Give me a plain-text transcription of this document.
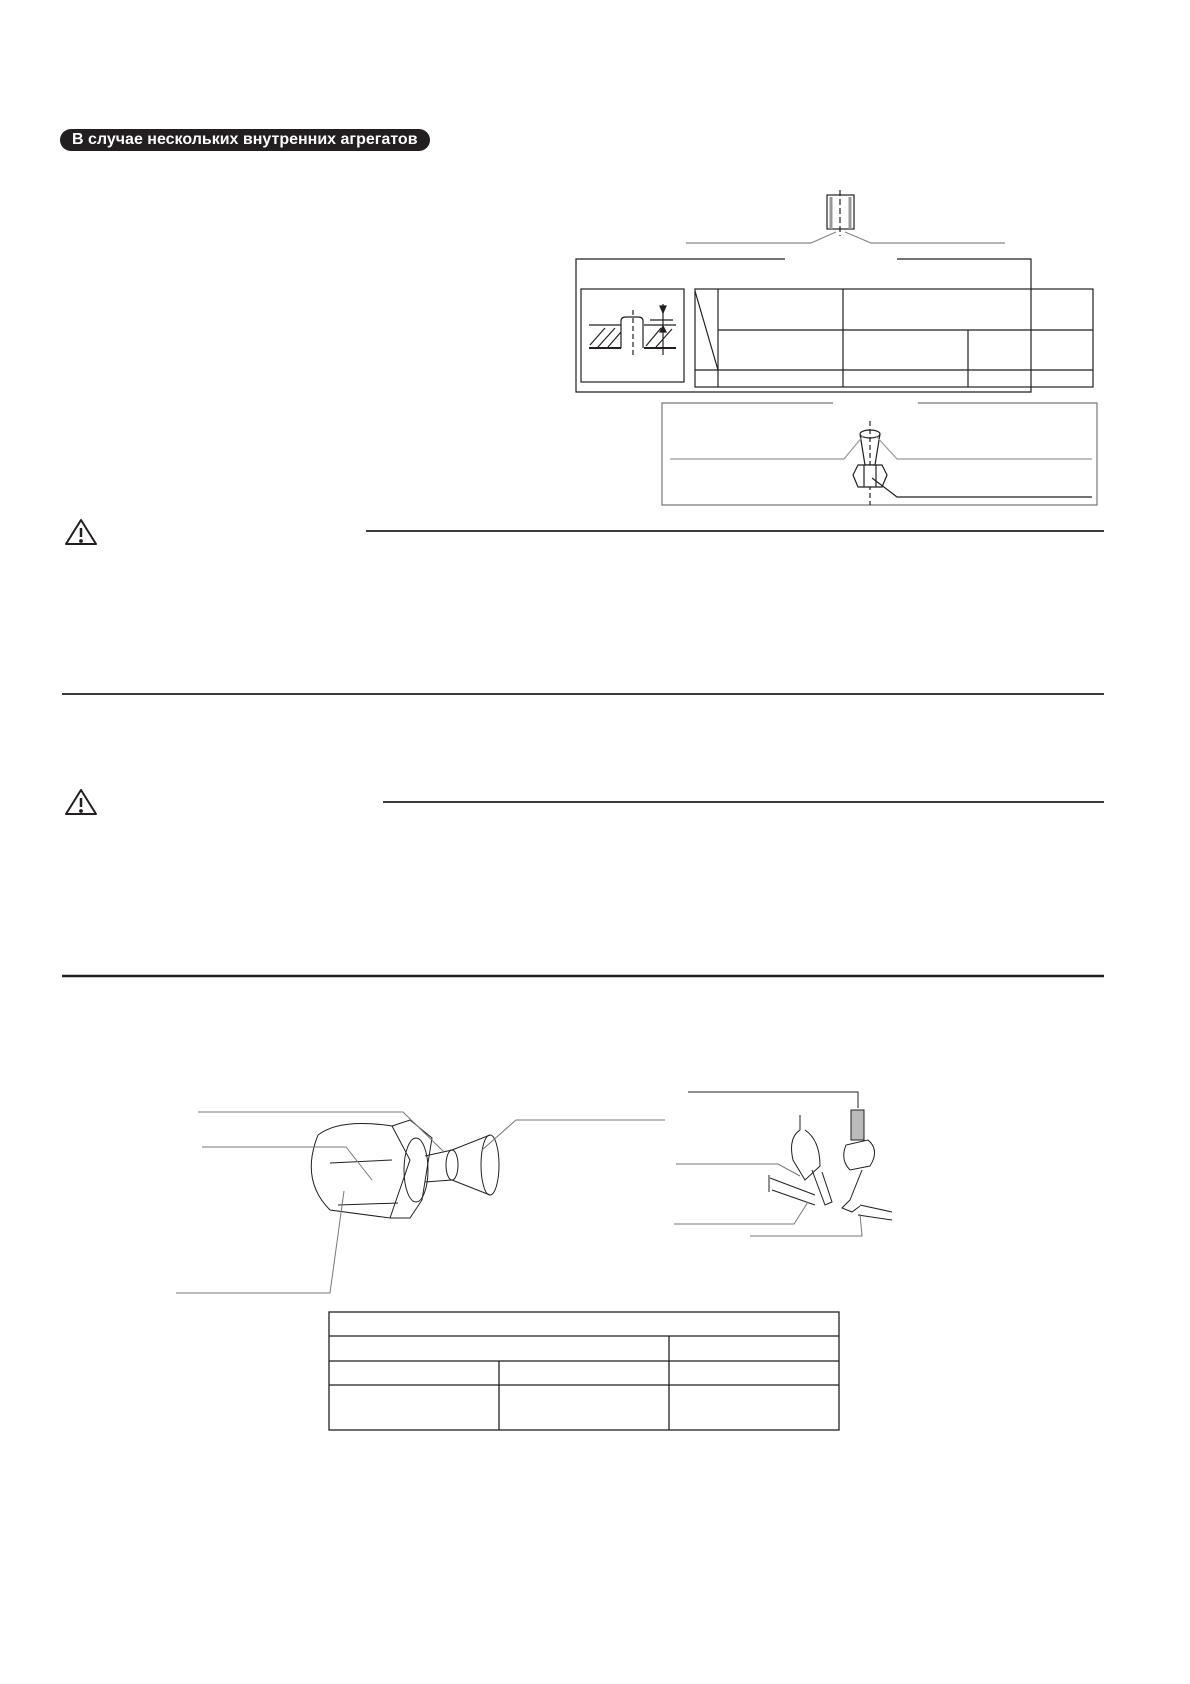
В случае нескольких внутренних агрегатов
